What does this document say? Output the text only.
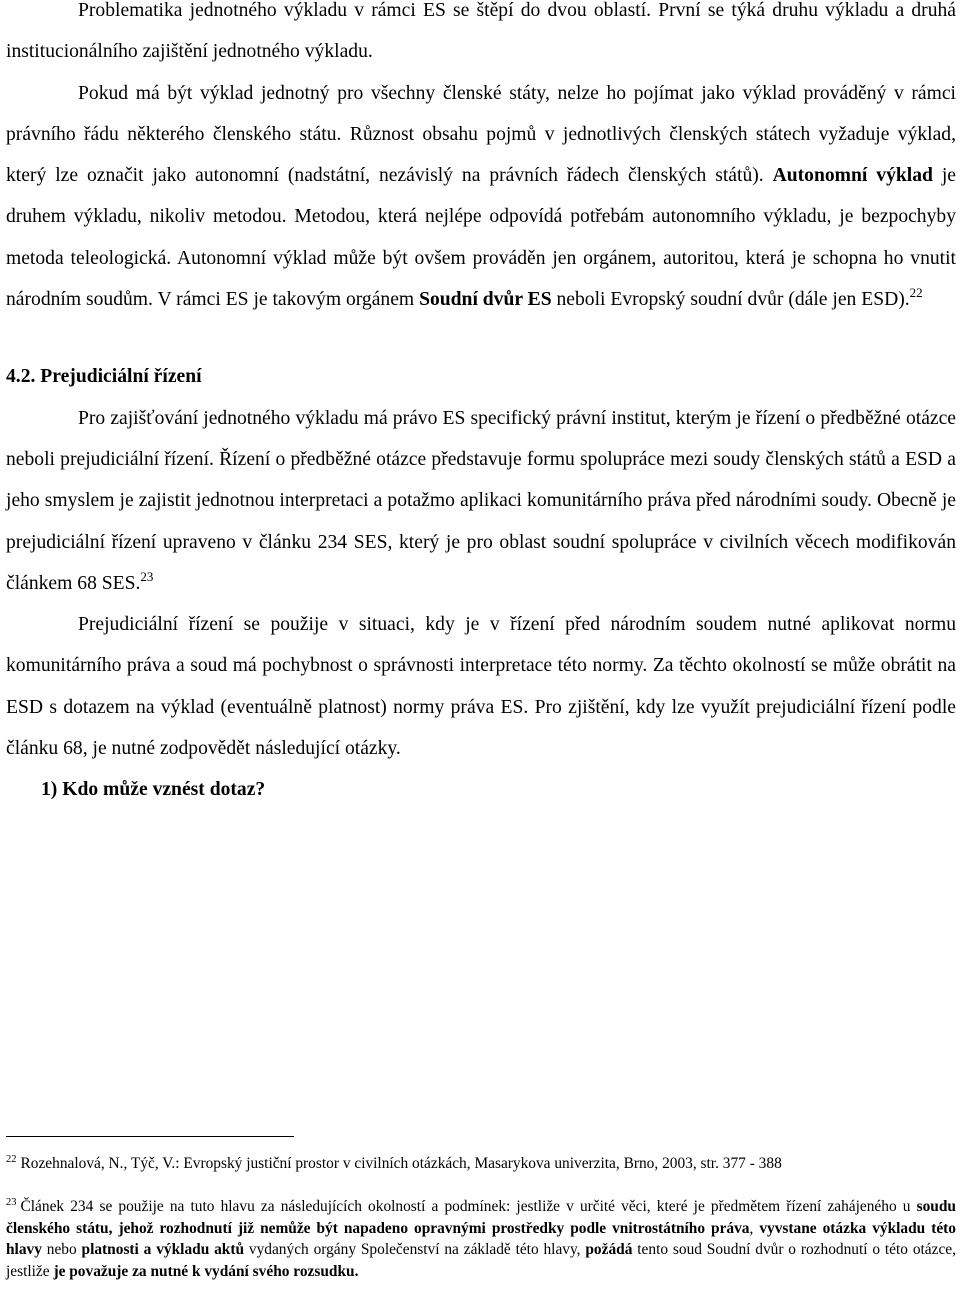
Problematika jednotného výkladu v rámci ES se štěpí do dvou oblastí. První se týká druhu výkladu a druhá institucionálního zajištění jednotného výkladu.

Pokud má být výklad jednotný pro všechny členské státy, nelze ho pojímat jako výklad prováděný v rámci právního řádu některého členského státu. Různost obsahu pojmů v jednotlivých členských státech vyžaduje výklad, který lze označit jako autonomní (nadstátní, nezávislý na právních řádech členských států). Autonomní výklad je druhem výkladu, nikoliv metodou. Metodou, která nejlépe odpovídá potřebám autonomního výkladu, je bezpochyby metoda teleologická. Autonomní výklad může být ovšem prováděn jen orgánem, autoritou, která je schopna ho vnutit národním soudům. V rámci ES je takovým orgánem Soudní dvůr ES neboli Evropský soudní dvůr (dále jen ESD).$^{22}$

4.2. Prejudiciální řízení

Pro zajišťování jednotného výkladu má právo ES specifický právní institut, kterým je řízení o předběžné otázce neboli prejudiciální řízení. Řízení o předběžné otázce představuje formu spolupráce mezi soudy členských států a ESD a jeho smyslem je zajistit jednotnou interpretaci a potažmo aplikaci komunitárního práva před národními soudy. Obecně je prejudiciální řízení upraveno v článku 234 SES, který je pro oblast soudní spolupráce v civilních věcech modifikován článkem 68 SES.$^{23}$

Prejudiciální řízení se použije v situaci, kdy je v řízení před národním soudem nutné aplikovat normu komunitárního práva a soud má pochybnost o správnosti interpretace této normy. Za těchto okolností se může obrátit na ESD s dotazem na výklad (eventuálně platnost) normy práva ES. Pro zjištění, kdy lze využít prejudiciální řízení podle článku 68, je nutné zodpovědět následující otázky.

1) Kdo může vznést dotaz?

$^{22}$ Rozehnalová, N., Týč, V.: Evropský justiční prostor v civilních otázkách, Masarykova univerzita, Brno, 2003, str. 377 - 388

$^{23}$ Článek 234 se použije na tuto hlavu za následujících okolností a podmínek: jestliže v určité věci, které je předmětem řízení zahájeného u soudu členského státu, jehož rozhodnutí již nemůže být napadeno opravnými prostředky podle vnitrostátního práva, vyvstane otázka výkladu této hlavy nebo platnosti a výkladu aktů vydaných orgány Společenství na základě této hlavy, požádá tento soud Soudní dvůr o rozhodnutí o této otázce, jestliže je považuje za nutné k vydání svého rozsudku.
